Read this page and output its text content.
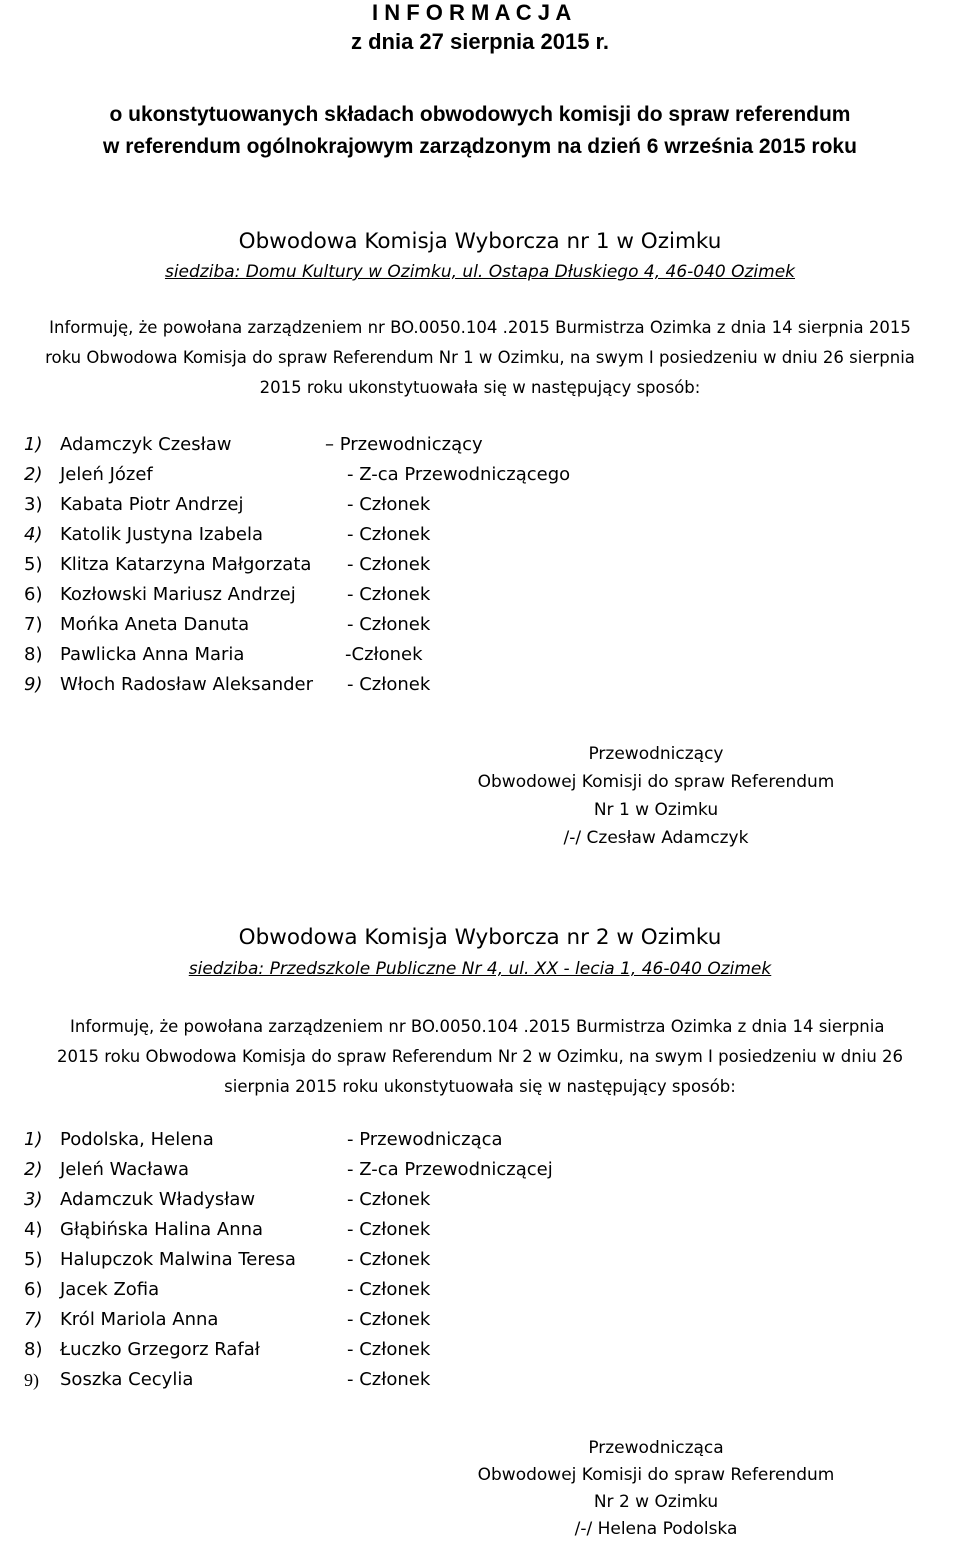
I N F O R M A C J A
z dnia 27 sierpnia 2015 r.
o ukonstytuowanych składach obwodowych komisji do spraw referendum
w referendum ogólnokrajowym zarządzonym na dzień 6 września 2015 roku
Obwodowa Komisja Wyborcza nr 1 w Ozimku
siedziba: Domu Kultury w Ozimku, ul. Ostapa Dłuskiego 4, 46-040 Ozimek
Informuję, że powołana zarządzeniem nr BO.0050.104 .2015 Burmistrza Ozimka z dnia 14 sierpnia 2015
roku Obwodowa Komisja do spraw Referendum Nr 1 w Ozimku, na swym I posiedzeniu w dniu 26 sierpnia
2015 roku ukonstytuowała się w następujący sposób:
1) Adamczyk Czesław	– Przewodniczący
2) Jeleń Józef	- Z-ca Przewodniczącego
3) Kabata Piotr Andrzej	- Członek
4) Katolik Justyna Izabela	- Członek
5) Klitza Katarzyna Małgorzata - Członek
6) Kozłowski Mariusz Andrzej	- Członek
7) Mońka Aneta Danuta	- Członek
8) Pawlicka Anna Maria	-Członek
9) Włoch Radosław Aleksander - Członek
Przewodniczący
Obwodowej Komisji do spraw Referendum
Nr 1 w Ozimku
/-/ Czesław Adamczyk
Obwodowa Komisja Wyborcza nr 2 w Ozimku
siedziba: Przedszkole Publiczne Nr 4, ul. XX - lecia 1, 46-040 Ozimek
Informuję, że powołana zarządzeniem nr BO.0050.104 .2015 Burmistrza Ozimka z dnia 14 sierpnia
2015 roku Obwodowa Komisja do spraw Referendum Nr 2 w Ozimku, na swym I posiedzeniu w dniu 26
sierpnia 2015 roku ukonstytuowała się w następujący sposób:
1) Podolska, Helena	- Przewodnicząca
2) Jeleń Wacława	- Z-ca Przewodniczącej
3) Adamczuk Władysław	- Członek
4) Głąbińska Halina Anna	- Członek
5) Halupczok Malwina Teresa	- Członek
6) Jacek Zofia	- Członek
7) Król Mariola Anna	- Członek
8) Łuczko Grzegorz Rafał	- Członek
9) Soszka Cecylia	- Członek
Przewodnicząca
Obwodowej Komisji do spraw Referendum
Nr 2 w Ozimku
/-/ Helena Podolska
